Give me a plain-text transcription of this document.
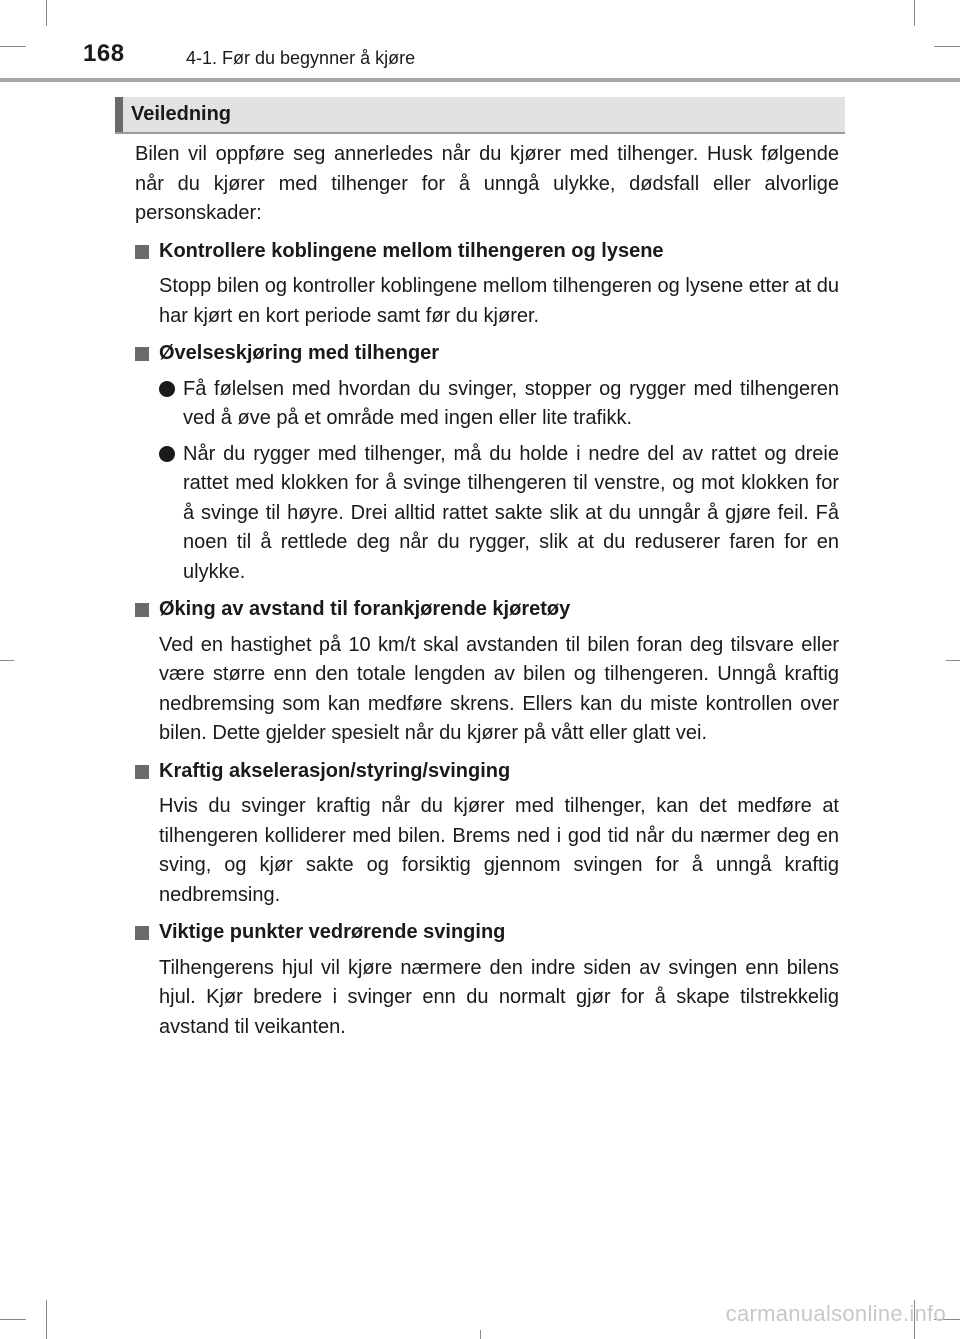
168	4-1. Før du begynner å kjøre
Veiledning

Bilen vil oppføre seg annerledes når du kjører med tilhenger. Husk følgende når du kjører med tilhenger for å unngå ulykke, dødsfall eller alvorlige personskader:

Kontrollere koblingene mellom tilhengeren og lysene

Stopp bilen og kontroller koblingene mellom tilhengeren og lysene etter at du har kjørt en kort periode samt før du kjører.

Øvelseskjøring med tilhenger

Få følelsen med hvordan du svinger, stopper og rygger med tilhengeren ved å øve på et område med ingen eller lite trafikk.

Når du rygger med tilhenger, må du holde i nedre del av rattet og dreie rattet med klokken for å svinge tilhengeren til venstre, og mot klokken for å svinge til høyre. Drei alltid rattet sakte slik at du unngår å gjøre feil. Få noen til å rettlede deg når du rygger, slik at du reduserer faren for en ulykke.

Øking av avstand til forankjørende kjøretøy

Ved en hastighet på 10 km/t skal avstanden til bilen foran deg tilsvare eller være større enn den totale lengden av bilen og tilhengeren. Unngå kraftig nedbremsing som kan medføre skrens. Ellers kan du miste kontrollen over bilen. Dette gjelder spesielt når du kjører på vått eller glatt vei.

Kraftig akselerasjon/styring/svinging

Hvis du svinger kraftig når du kjører med tilhenger, kan det medføre at tilhengeren kolliderer med bilen. Brems ned i god tid når du nærmer deg en sving, og kjør sakte og forsiktig gjennom svingen for å unngå kraftig nedbremsing.

Viktige punkter vedrørende svinging

Tilhengerens hjul vil kjøre nærmere den indre siden av svingen enn bilens hjul. Kjør bredere i svinger enn du normalt gjør for å skape tilstrekkelig avstand til veikanten.

carmanualsonline.info
